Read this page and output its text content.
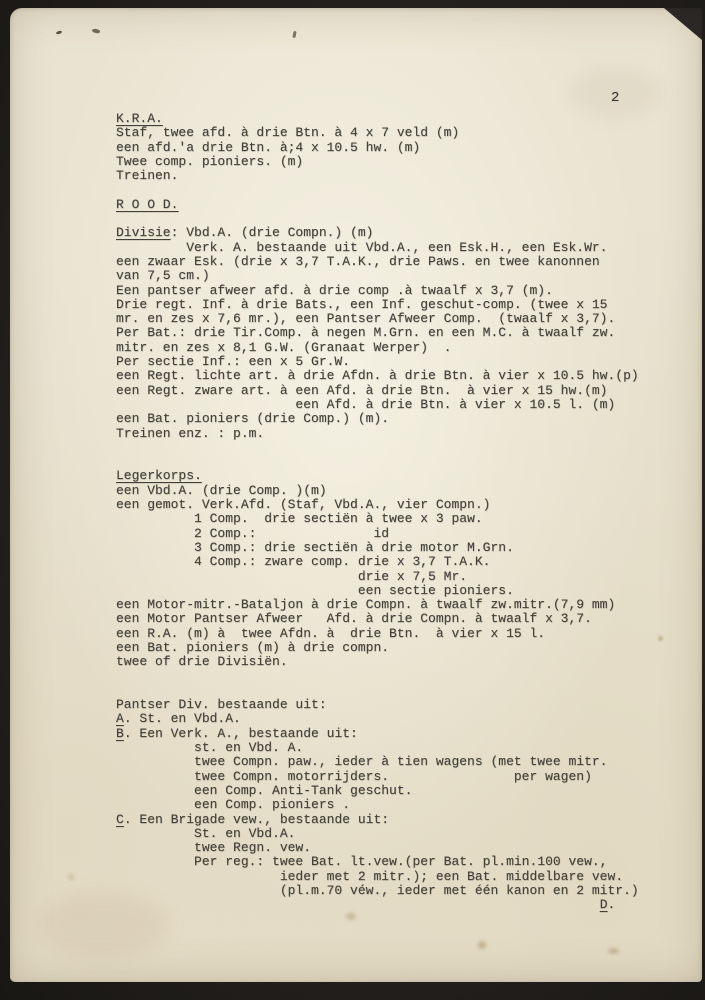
2
K.R.A.
Staf, twee afd. à drie Btn. à 4 x 7 veld (m)
een afd.'a drie Btn. à;4 x 10.5 hw. (m)
Twee comp. pioniers. (m)
Treinen.
R O O D.
Divisie: Vbd.A. (drie Compn.) (m)
Verk. A. bestaande uit Vbd.A., een Esk.H., een Esk.Wr.
een zwaar Esk. (drie x 3,7 T.A.K., drie Paws. en twee kanonnen
van 7,5 cm.)
Een pantser afweer afd. à drie comp .à twaalf x 3,7 (m).
Drie regt. Inf. à drie Bats., een Inf. geschut-comp. (twee x 15
mr. en zes x 7,6 mr.), een Pantser Afweer Comp.  (twaalf x 3,7).
Per Bat.: drie Tir.Comp. à negen M.Grn. en een M.C. à twaalf zw.
mitr. en zes x 8,1 G.W. (Granaat Werper)  .
Per sectie Inf.: een x 5 Gr.W.
een Regt. lichte art. à drie Afdn. à drie Btn. à vier x 10.5 hw.(p)
een Regt. zware art. à een Afd. à drie Btn.  à vier x 15 hw.(m)
een Afd. à drie Btn. à vier x 10.5 l. (m)
een Bat. pioniers (drie Comp.) (m).
Treinen enz. : p.m.
Legerkorps.
een Vbd.A. (drie Comp. )(m)
een gemot. Verk.Afd. (Staf, Vbd.A., vier Compn.)
1 Comp.  drie sectiën à twee x 3 paw.
2 Comp.:               id
3 Comp.: drie sectiën à drie motor M.Grn.
4 Comp.: zware comp. drie x 3,7 T.A.K.
drie x 7,5 Mr.
een sectie pioniers.
een Motor-mitr.-Bataljon à drie Compn. à twaalf zw.mitr.(7,9 mm)
een Motor Pantser Afweer   Afd. à drie Compn. à twaalf x 3,7.
een R.A. (m) à  twee Afdn. à  drie Btn.  à vier x 15 l.
een Bat. pioniers (m) à drie compn.
twee of drie Divisiën.
Pantser Div. bestaande uit:
A. St. en Vbd.A.
B. Een Verk. A., bestaande uit:
st. en Vbd. A.
twee Compn. paw., ieder à tien wagens (met twee mitr.
twee Compn. motorrijders.                per wagen)
een Comp. Anti-Tank geschut.
een Comp. pioniers .
C. Een Brigade vew., bestaande uit:
St. en Vbd.A.
twee Regn. vew.
Per reg.: twee Bat. lt.vew.(per Bat. pl.min.100 vew.,
ieder met 2 mitr.); een Bat. middelbare vew.
(pl.m.70 véw., ieder met één kanon en 2 mitr.)
D.
